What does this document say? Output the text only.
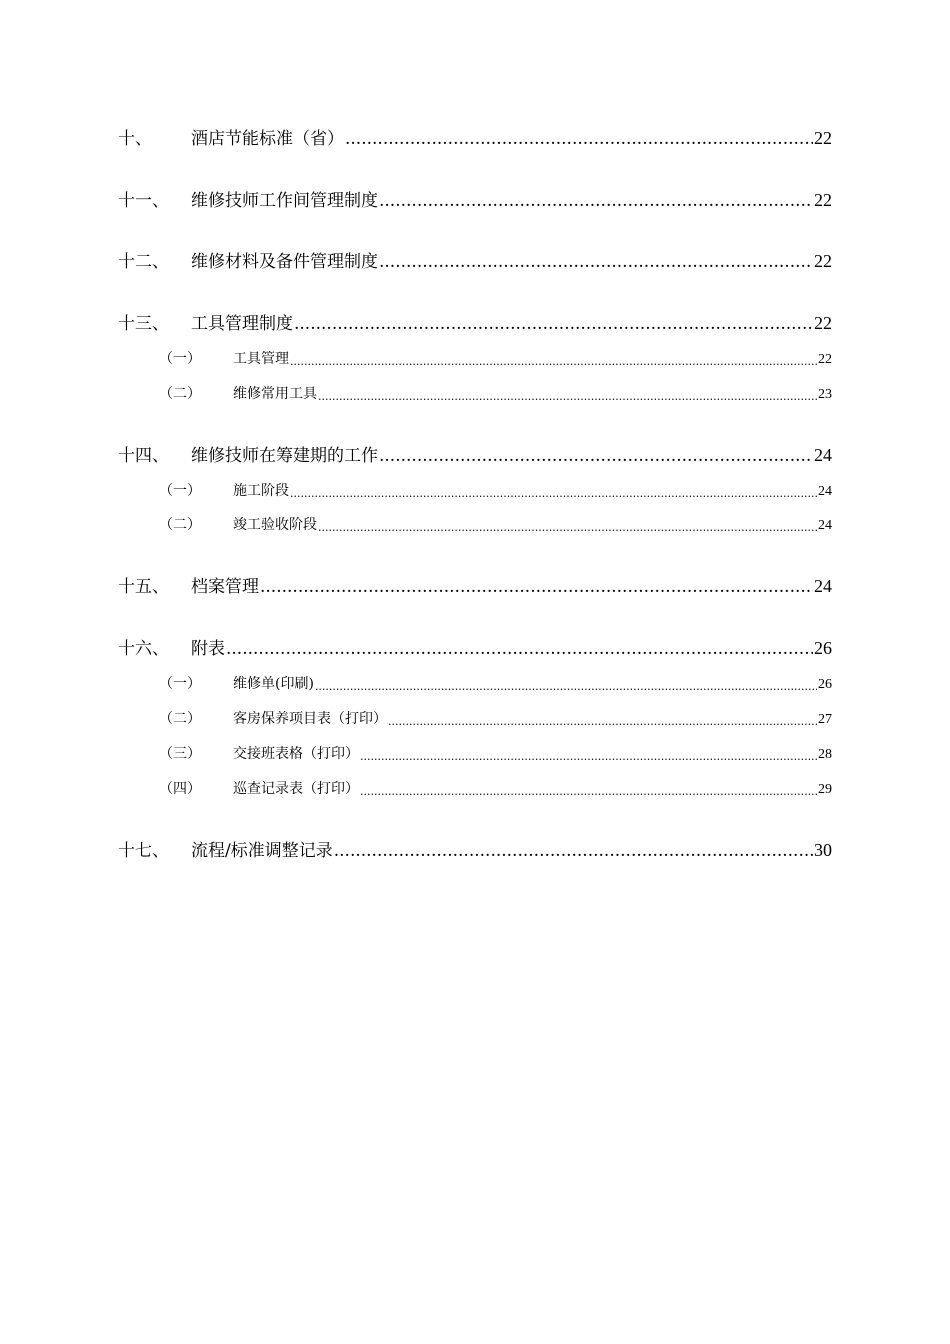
十、	酒店节能标准（省） .....	22
十一、	维修技师工作间管理制度 .....	22
十二、	维修材料及备件管理制度 .....	22
十三、	工具管理制度 .....	22
（一）	工具管理 .....	22
（二）	维修常用工具 .....	23
十四、	维修技师在筹建期的工作 .....	24
（一）	施工阶段 .....	24
（二）	竣工验收阶段 .....	24
十五、	档案管理 .....	24
十六、	附表 .....	26
（一）	维修单(印刷) .....	26
（二）	客房保养项目表（打印） .....	27
（三）	交接班表格（打印） .....	28
（四）	巡查记录表（打印） .....	29
十七、	流程/标准调整记录 .....	30
